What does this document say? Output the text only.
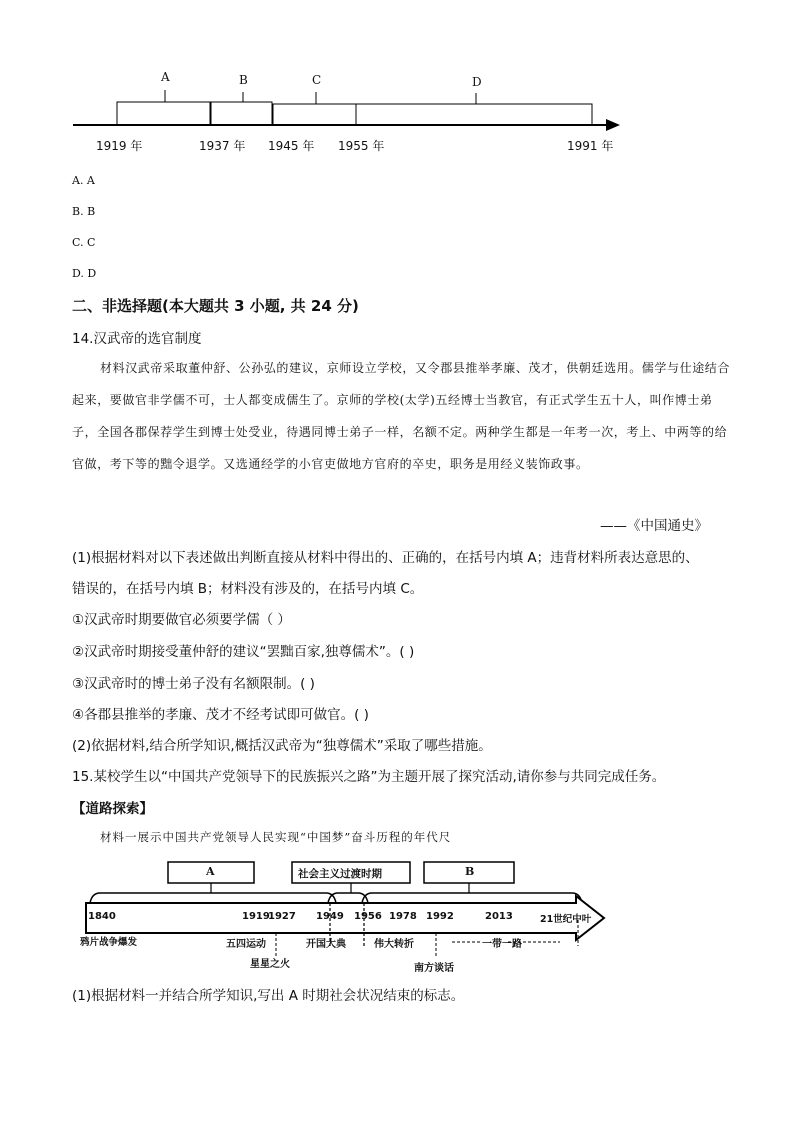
A	B	C	D
1919 年	1937 年 1945 年 1955 年	1991 年
A. A
B. B
C. C
D. D
二、非选择题(本大题共 3 小题, 共 24 分)
14.汉武帝的选官制度
材料汉武帝采取董仲舒、公孙弘的建议，京师设立学校，又令郡县推举孝廉、茂才，供朝廷选用。儒学与仕途结合起来，要做官非学儒不可，士人都变成儒生了。京师的学校(太学)五经博士当教官，有正式学生五十人，叫作博士弟子，全国各郡保荐学生到博士处受业，待遇同博士弟子一样，名额不定。两种学生都是一年考一次，考上、中两等的给官做，考下等的黜令退学。又选通经学的小官吏做地方官府的卒史，职务是用经义装饰政事。
——《中国通史》
(1)根据材料对以下表述做出判断直接从材料中得出的、正确的，在括号内填 A；违背材料所表达意思的、
错误的，在括号内填 B；材料没有涉及的，在括号内填 C。
①汉武帝时期要做官必须要学儒（ ）
②汉武帝时期接受董仲舒的建议“罢黜百家,独尊儒术”。( )
③汉武帝时的博士弟子没有名额限制。( )
④各郡县推举的孝廉、茂才不经考试即可做官。( )
(2)依据材料,结合所学知识,概括汉武帝为“独尊儒术”采取了哪些措施。
15.某校学生以“中国共产党领导下的民族振兴之路”为主题开展了探究活动,请你参与共同完成任务。
【道路探索】
材料一展示中国共产党领导人民实现“中国梦”奋斗历程的年代尺
A	社会主义过渡时期	B
1840	1919
1927 1949 1956 1978 1992	2013	21世纪中叶
鸦片战争爆发	五四运动	开国大典	伟大转折	一带一路
星星之火	南方谈话
(1)根据材料一并结合所学知识,写出 A 时期社会状况结束的标志。
